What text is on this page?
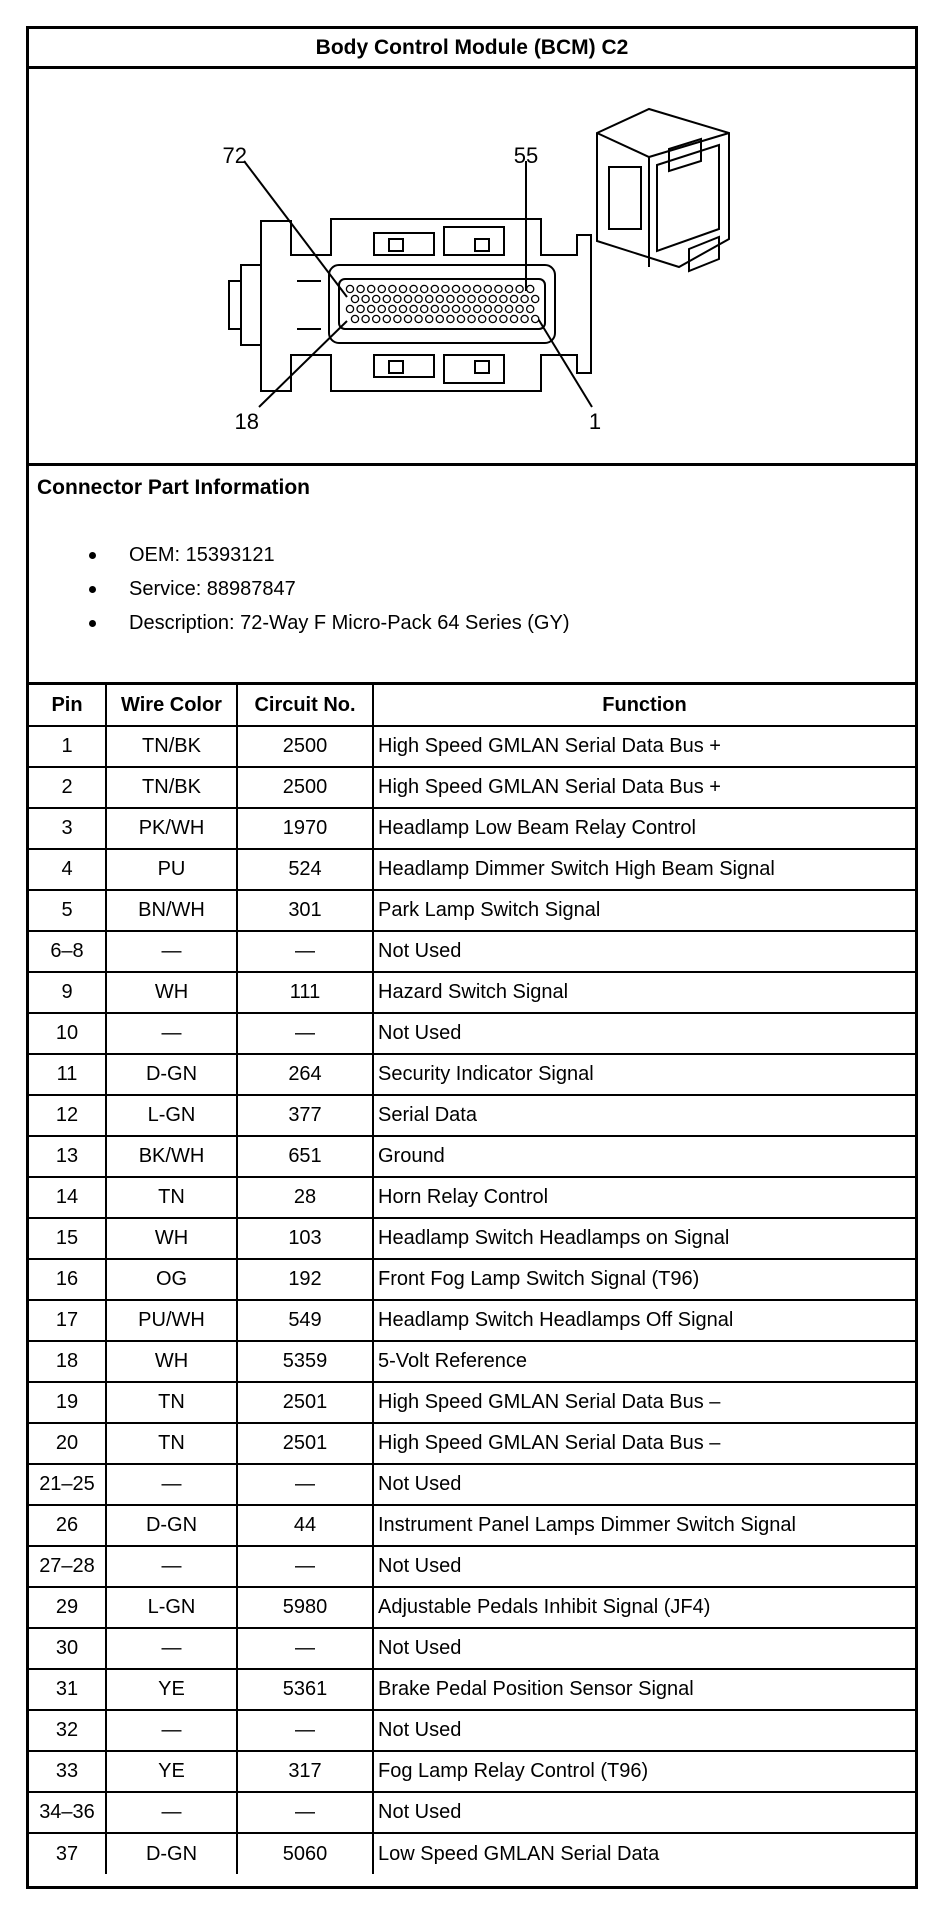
Body Control Module (BCM) C2
72	55
18	1
Connector Part Information
OEM: 15393121
Service: 88987847
Description: 72-Way F Micro-Pack 64 Series (GY)
Pin	Wire Color	Circuit No.	Function
1	TN/BK	2500	High Speed GMLAN Serial Data Bus +
2	TN/BK	2500	High Speed GMLAN Serial Data Bus +
3	PK/WH	1970	Headlamp Low Beam Relay Control
4	PU	524	Headlamp Dimmer Switch High Beam Signal
5	BN/WH	301	Park Lamp Switch Signal
6–8	—	—	Not Used
9	WH	111	Hazard Switch Signal
10	—	—	Not Used
11	D-GN	264	Security Indicator Signal
12	L-GN	377	Serial Data
13	BK/WH	651	Ground
14	TN	28	Horn Relay Control
15	WH	103	Headlamp Switch Headlamps on Signal
16	OG	192	Front Fog Lamp Switch Signal (T96)
17	PU/WH	549	Headlamp Switch Headlamps Off Signal
18	WH	5359	5-Volt Reference
19	TN	2501	High Speed GMLAN Serial Data Bus –
20	TN	2501	High Speed GMLAN Serial Data Bus –
21–25	—	—	Not Used
26	D-GN	44	Instrument Panel Lamps Dimmer Switch Signal
27–28	—	—	Not Used
29	L-GN	5980	Adjustable Pedals Inhibit Signal (JF4)
30	—	—	Not Used
31	YE	5361	Brake Pedal Position Sensor Signal
32	—	—	Not Used
33	YE	317	Fog Lamp Relay Control (T96)
34–36	—	—	Not Used
37	D-GN	5060	Low Speed GMLAN Serial Data
